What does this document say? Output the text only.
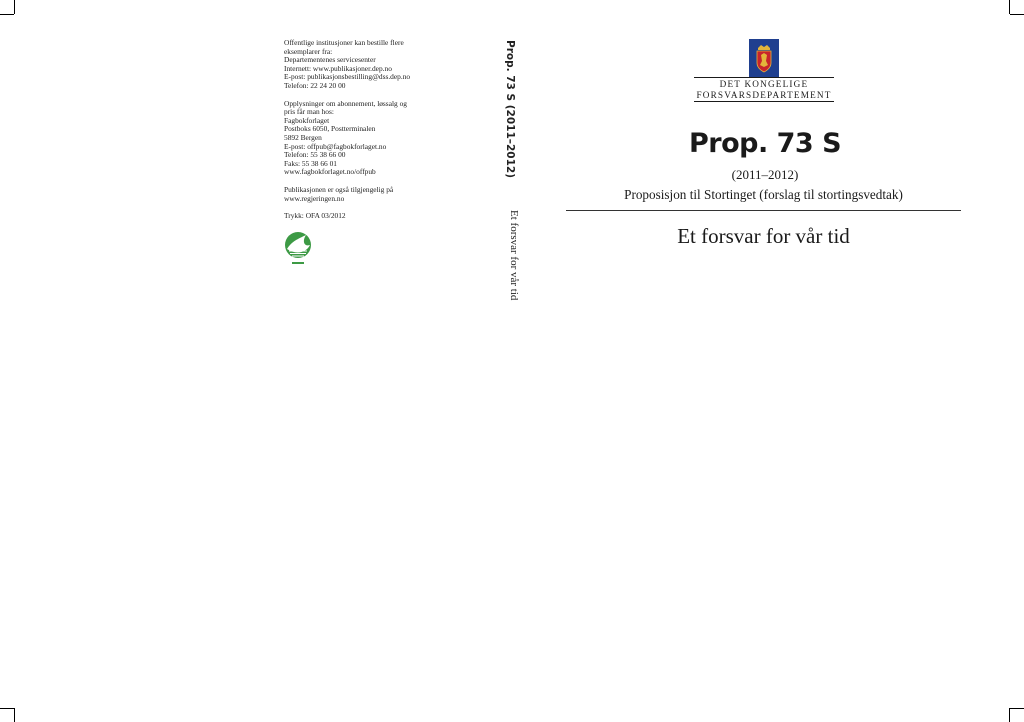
Offentlige institusjoner kan bestille flere
eksemplarer fra:
Departementenes servicesenter
Internett: www.publikasjoner.dep.no
E-post: publikasjonsbestilling@dss.dep.no
Telefon: 22 24 20 00
Opplysninger om abonnement, løssalg og
pris får man hos:
Fagbokforlaget
Postboks 6050, Postterminalen
5892 Bergen
E-post: offpub@fagbokforlaget.no
Telefon: 55 38 66 00
Faks: 55 38 66 01
www.fagbokforlaget.no/offpub
Publikasjonen er også tilgjengelig på
www.regjeringen.no
Trykk: OFA 03/2012
Prop. 73 S (2011–2012)
Et forsvar for vår tid
DET KONGELIGE
FORSVARSDEPARTEMENT
Prop. 73 S
(2011–2012)
Proposisjon til Stortinget (forslag til stortingsvedtak)
Et forsvar for vår tid
